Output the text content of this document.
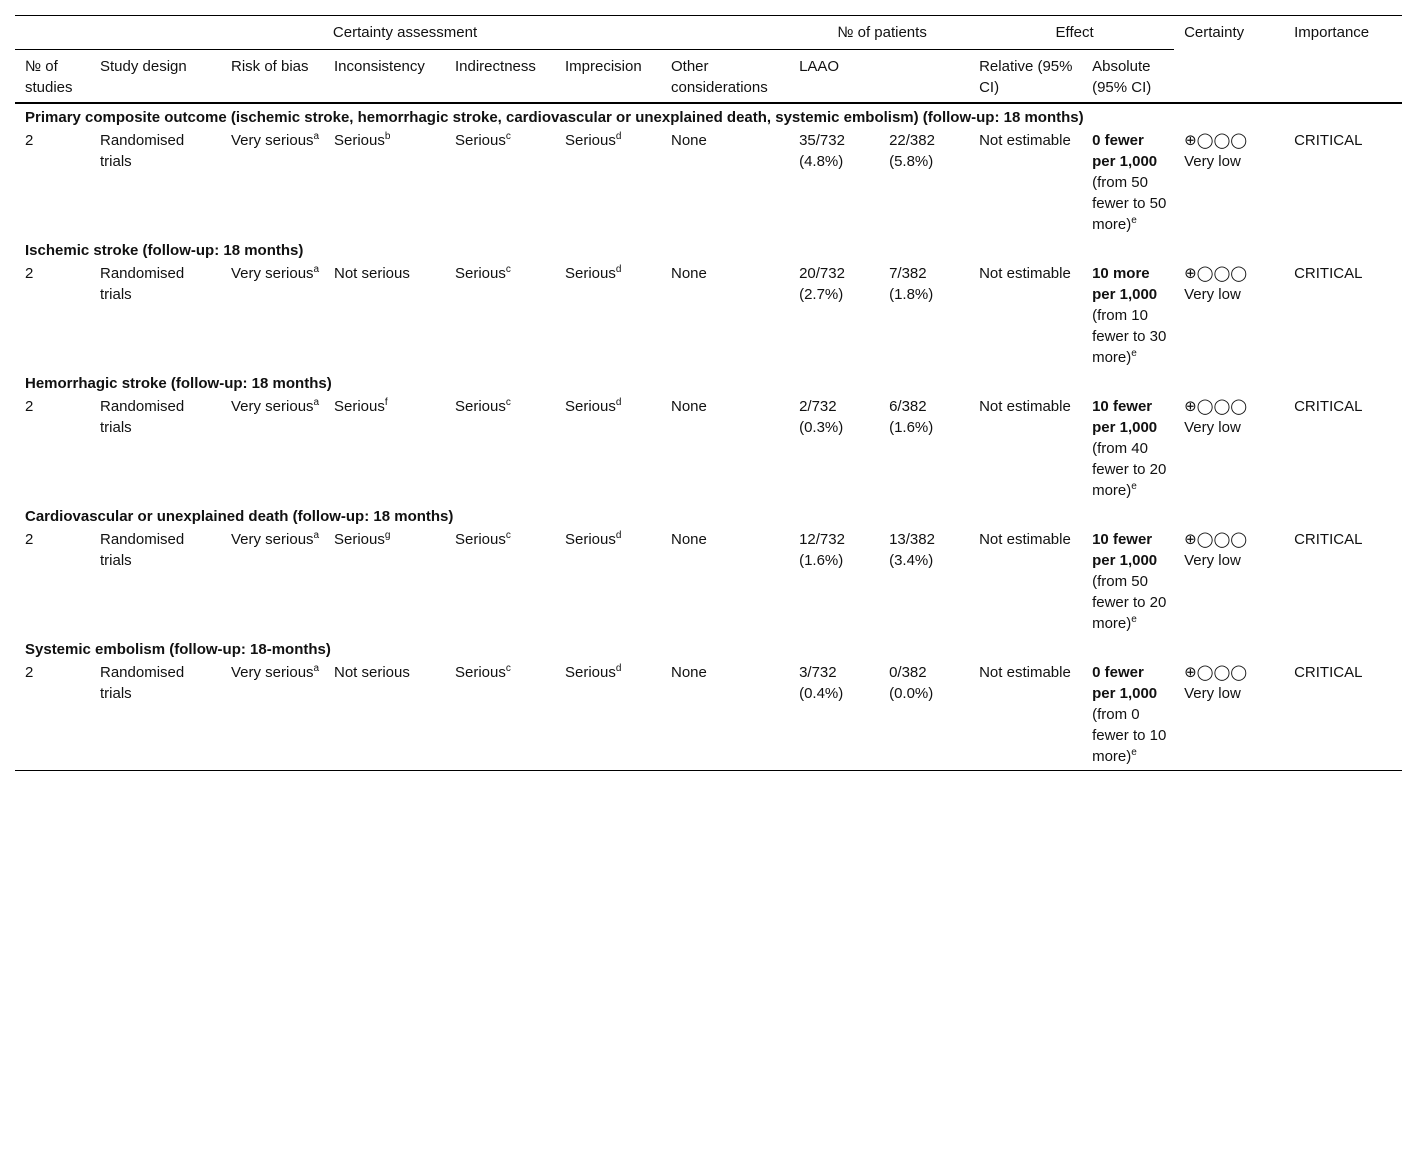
Certainty assessment							№ of patients		Effect		Certainty	Importance
№ of studies	Study design	Risk of bias	Inconsistency	Indirectness	Imprecision	Other considerations	LAAO		Relative (95% CI)	Absolute (95% CI)		
Primary composite outcome (ischemic stroke, hemorrhagic stroke, cardiovascular or unexplained death, systemic embolism) (follow-up: 18 months)												
2	Randomised trials	Very serious$^a$	Serious$^b$	Serious$^c$	Serious$^d$	None	35/732 (4.8%)	22/382 (5.8%)	Not estimable	0 fewer per 1,000 (from 50 fewer to 50 more)$^e$	⊕◯◯◯
Very low	CRITICAL
Ischemic stroke (follow-up: 18 months)												
2	Randomised trials	Very serious$^a$	Not serious	Serious$^c$	Serious$^d$	None	20/732 (2.7%)	7/382 (1.8%)	Not estimable	10 more per 1,000 (from 10 fewer to 30 more)$^e$	⊕◯◯◯
Very low	CRITICAL
Hemorrhagic stroke (follow-up: 18 months)												
2	Randomised trials	Very serious$^a$	Serious$^f$	Serious$^c$	Serious$^d$	None	2/732 (0.3%)	6/382 (1.6%)	Not estimable	10 fewer per 1,000 (from 40 fewer to 20 more)$^e$	⊕◯◯◯
Very low	CRITICAL
Cardiovascular or unexplained death (follow-up: 18 months)												
2	Randomised trials	Very serious$^a$	Serious$^g$	Serious$^c$	Serious$^d$	None	12/732 (1.6%)	13/382 (3.4%)	Not estimable	10 fewer per 1,000 (from 50 fewer to 20 more)$^e$	⊕◯◯◯
Very low	CRITICAL
Systemic embolism (follow-up: 18-months)												
2	Randomised trials	Very serious$^a$	Not serious	Serious$^c$	Serious$^d$	None	3/732 (0.4%)	0/382 (0.0%)	Not estimable	0 fewer per 1,000 (from 0 fewer to 10 more)$^e$	⊕◯◯◯
Very low	CRITICAL
